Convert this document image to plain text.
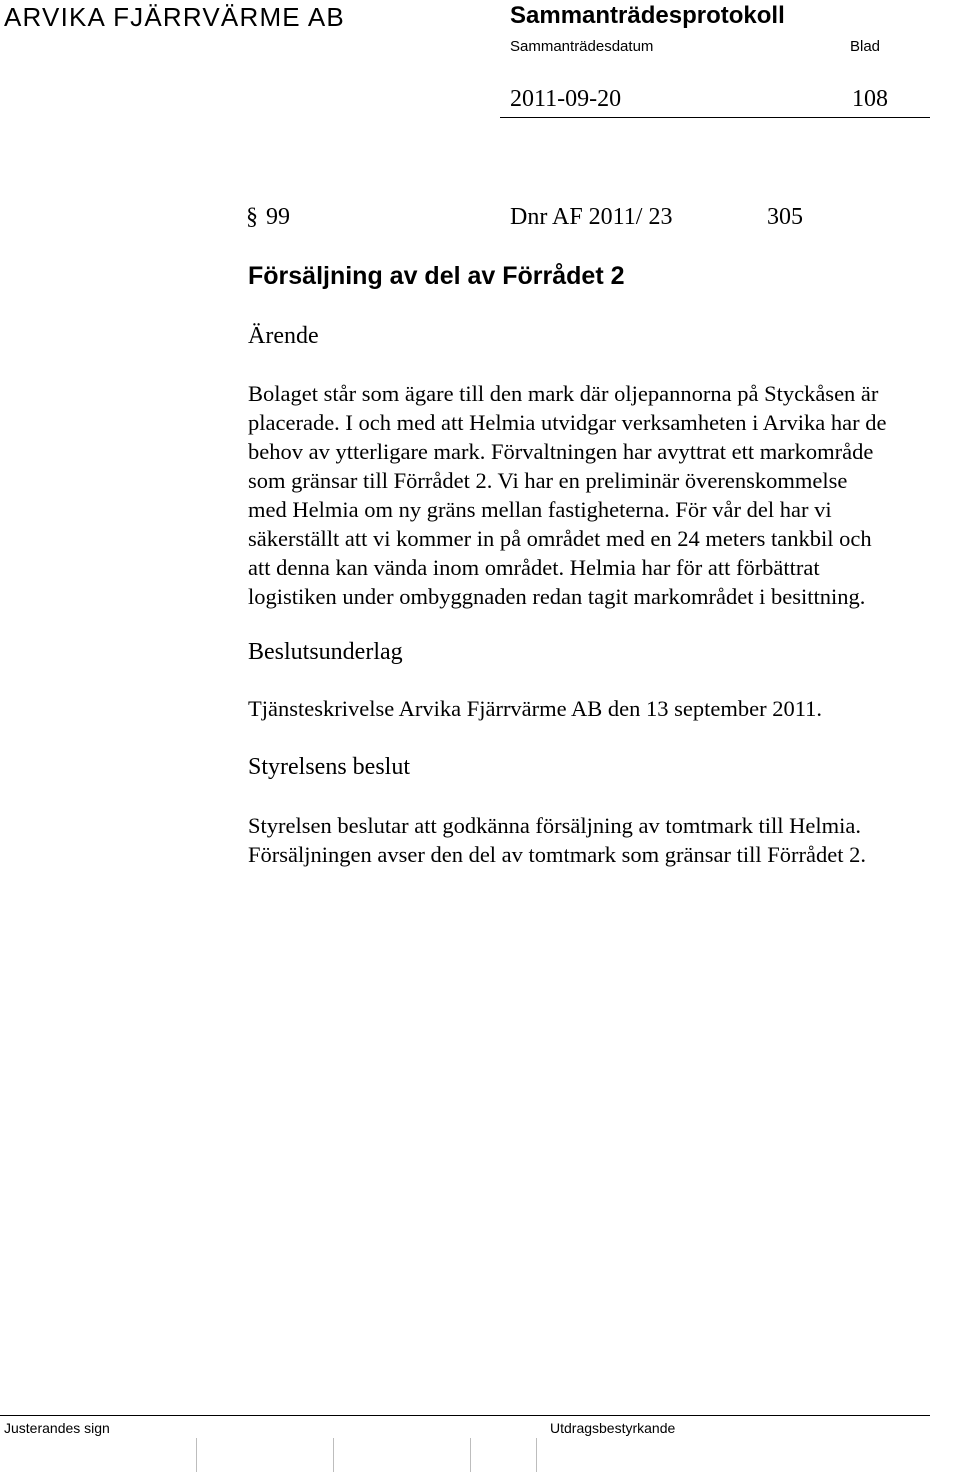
ARVIKA FJÄRRVÄRME AB	Sammanträdesprotokoll
Sammanträdesdatum	Blad
2011-09-20	108
§ 99	Dnr AF 2011/ 23	305
Försäljning av del av Förrådet 2
Ärende

Bolaget står som ägare till den mark där oljepannorna på Styckåsen är

placerade. I och med att Helmia utvidgar verksamheten i Arvika har de

behov av ytterligare mark. Förvaltningen har avyttrat ett markområde

som gränsar till Förrådet 2. Vi har en preliminär överenskommelse

med Helmia om ny gräns mellan fastigheterna. För vår del har vi

säkerställt att vi kommer in på området med en 24 meters tankbil och

att denna kan vända inom området. Helmia har för att förbättrat

logistiken under ombyggnaden redan tagit markområdet i besittning.

Beslutsunderlag
Tjänsteskrivelse Arvika Fjärrvärme AB den 13 september 2011.
Styrelsens beslut
Styrelsen beslutar att godkänna försäljning av tomtmark till Helmia.
Försäljningen avser den del av tomtmark som gränsar till Förrådet 2.
Justerandes sign	Utdragsbestyrkande
